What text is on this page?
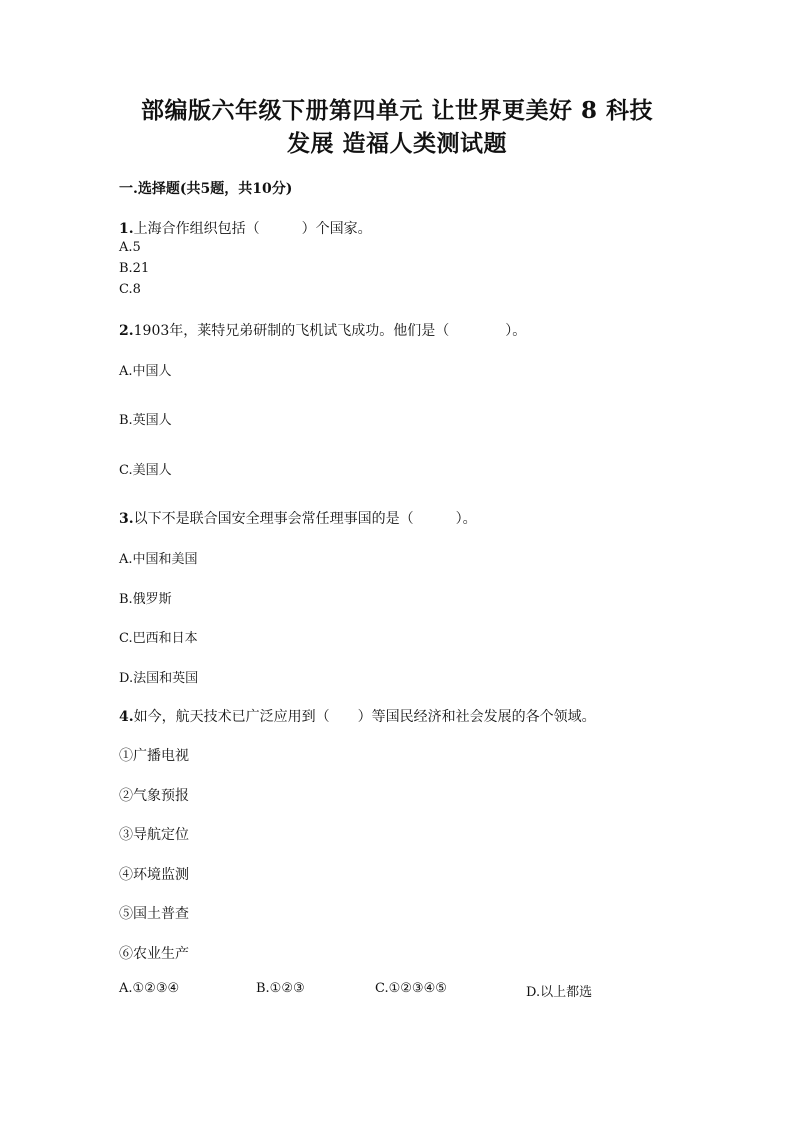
部编版六年级下册第四单元 让世界更美好 8 科技
发展 造福人类测试题
一.选择题(共5题，共10分)
1.上海合作组织包括（　　　）个国家。
A.5
B.21
C.8
2.1903年，莱特兄弟研制的飞机试飞成功。他们是（　　　　）。
A.中国人
B.英国人
C.美国人
3.以下不是联合国安全理事会常任理事国的是（　　　）。
A.中国和美国
B.俄罗斯
C.巴西和日本
D.法国和英国
4.如今，航天技术已广泛应用到（　　）等国民经济和社会发展的各个领域。
①广播电视
②气象预报
③导航定位
④环境监测
⑤国土普查
⑥农业生产
A.①②③④	B.①②③	C.①②③④⑤	D.以上都选
